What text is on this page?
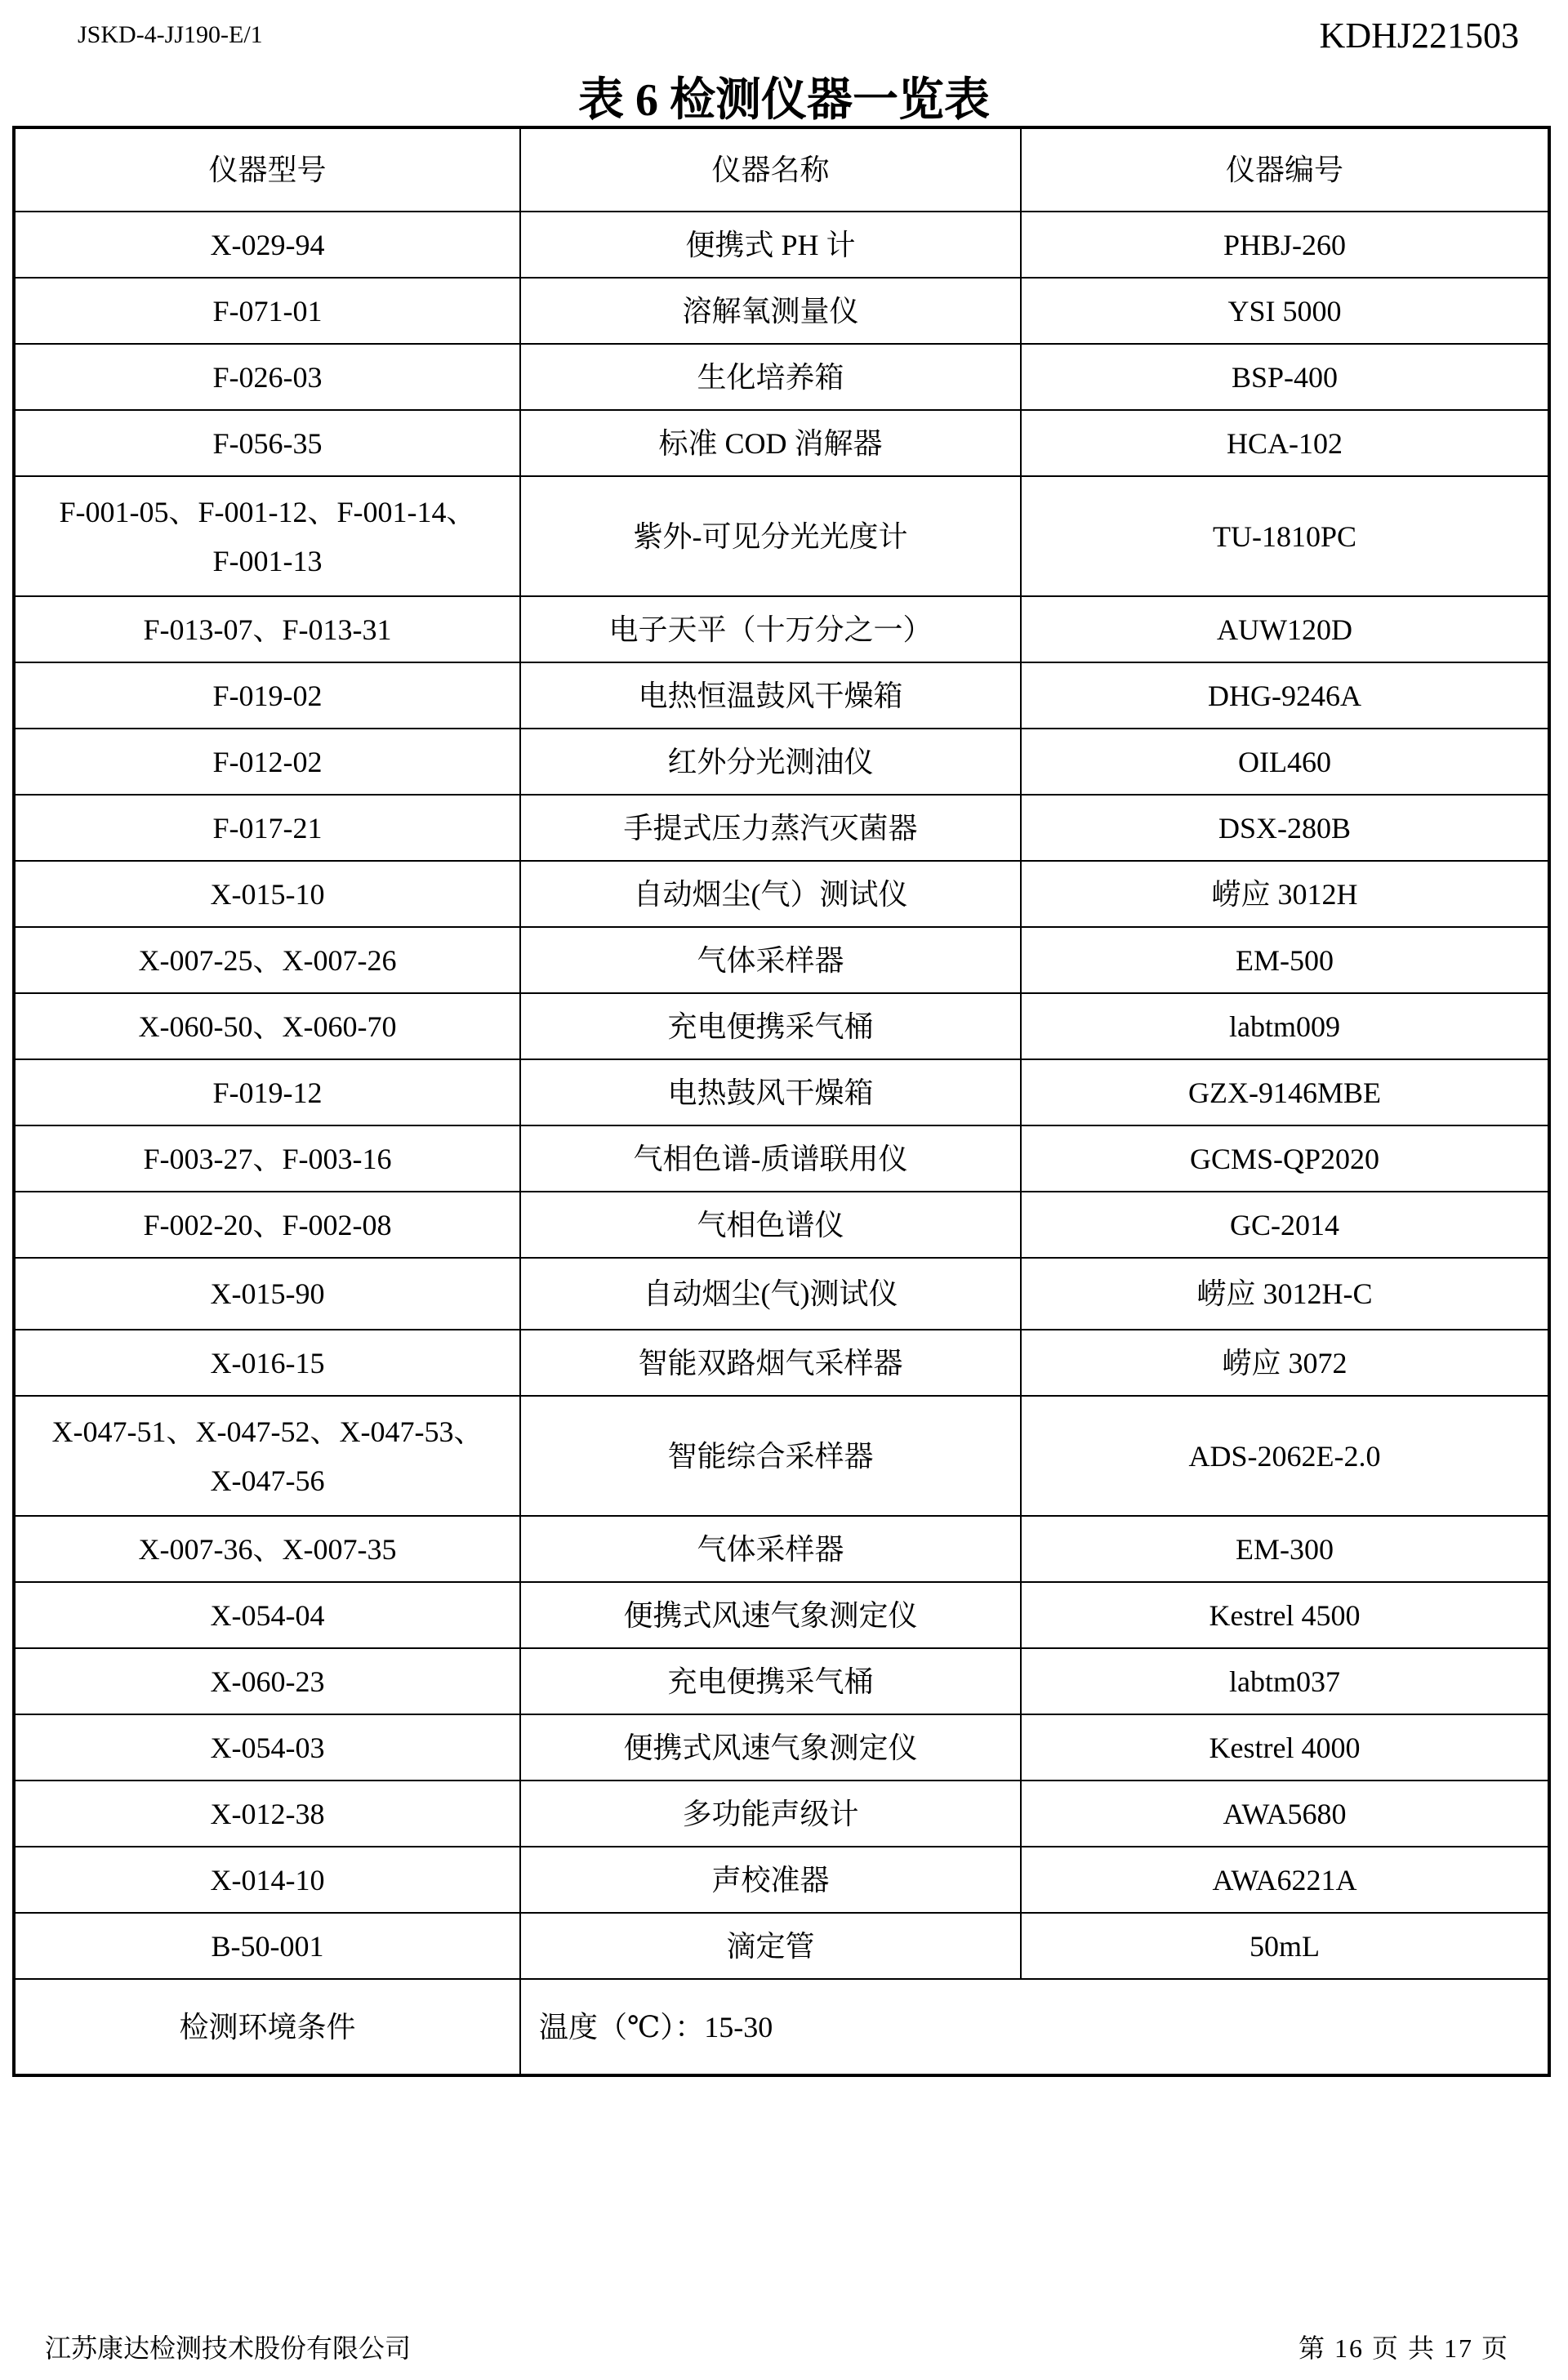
JSKD-4-JJ190-E/1	KDHJ221503
表 6 检测仪器一览表
仪器型号	仪器名称	仪器编号
X-029-94	便携式 PH 计	PHBJ-260
F-071-01	溶解氧测量仪	YSI 5000
F-026-03	生化培养箱	BSP-400
F-056-35	标准 COD 消解器	HCA-102
F-001-05、F-001-12、F-001-14、
F-001-13	紫外-可见分光光度计	TU-1810PC
F-013-07、F-013-31	电子天平（十万分之一）	AUW120D
F-019-02	电热恒温鼓风干燥箱	DHG-9246A
F-012-02	红外分光测油仪	OIL460
F-017-21	手提式压力蒸汽灭菌器	DSX-280B
X-015-10	自动烟尘(气）测试仪	崂应 3012H
X-007-25、X-007-26	气体采样器	EM-500
X-060-50、X-060-70	充电便携采气桶	labtm009
F-019-12	电热鼓风干燥箱	GZX-9146MBE
F-003-27、F-003-16	气相色谱-质谱联用仪	GCMS-QP2020
F-002-20、F-002-08	气相色谱仪	GC-2014
X-015-90	自动烟尘(气)测试仪	崂应 3012H-C
X-016-15	智能双路烟气采样器	崂应 3072
X-047-51、X-047-52、X-047-53、
X-047-56	智能综合采样器	ADS-2062E-2.0
X-007-36、X-007-35	气体采样器	EM-300
X-054-04	便携式风速气象测定仪	Kestrel 4500
X-060-23	充电便携采气桶	labtm037
X-054-03	便携式风速气象测定仪	Kestrel 4000
X-012-38	多功能声级计	AWA5680
X-014-10	声校准器	AWA6221A
B-50-001	滴定管	50mL
检测环境条件	温度（℃）：15-30	
江苏康达检测技术股份有限公司	第 16 页 共 17 页
